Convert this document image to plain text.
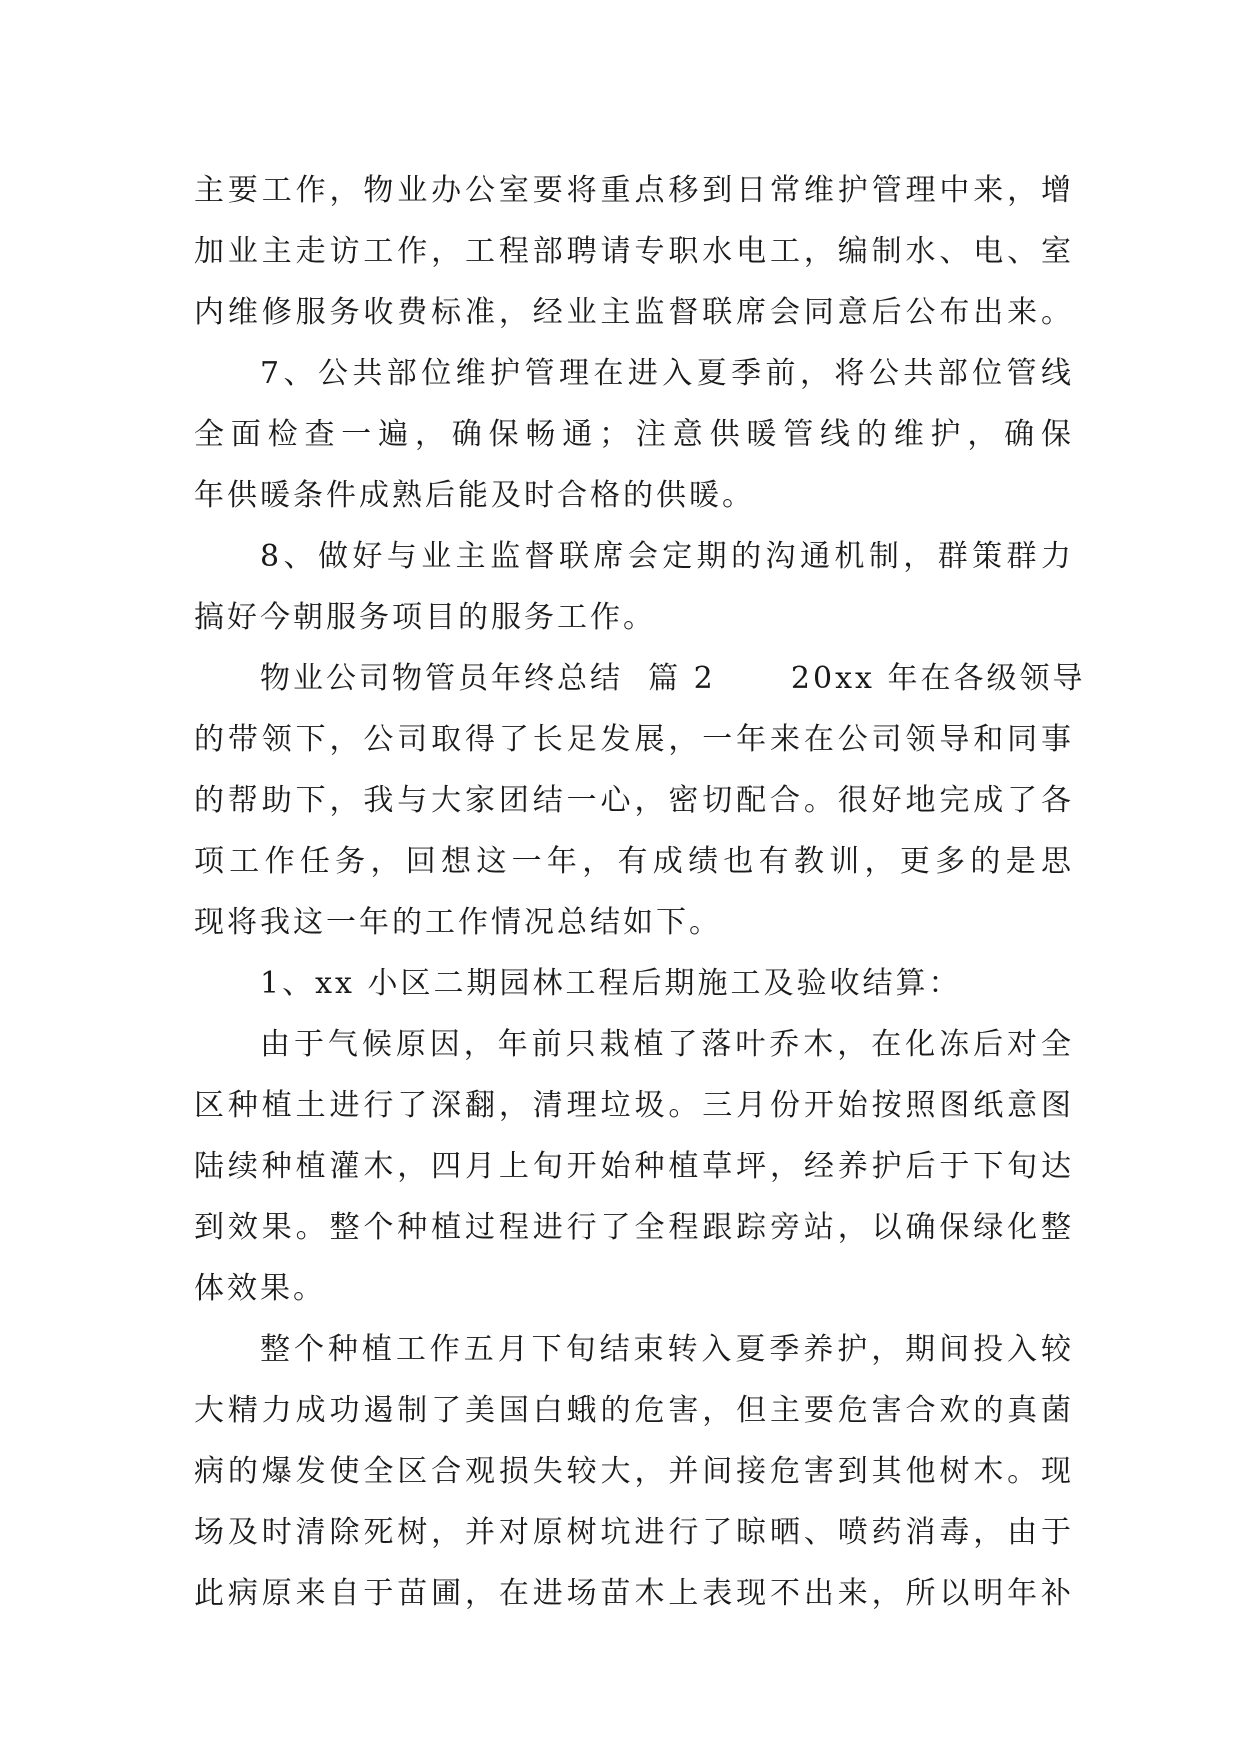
主要工作，物业办公室要将重点移到日常维护管理中来，增
加业主走访工作，工程部聘请专职水电工，编制水、电、室
内维修服务收费标准，经业主监督联席会同意后公布出来。
7、公共部位维护管理在进入夏季前，将公共部位管线
全面检查一遍，确保畅通；注意供暖管线的维护，确保
年供暖条件成熟后能及时合格的供暖。
8、做好与业主监督联席会定期的沟通机制，群策群力
搞好今朝服务项目的服务工作。
物业公司物管员年终总结  篇 2      20xx 年在各级领导
的带领下，公司取得了长足发展，一年来在公司领导和同事
的帮助下，我与大家团结一心，密切配合。很好地完成了各
项工作任务，回想这一年，有成绩也有教训，更多的是思
现将我这一年的工作情况总结如下。
1、xx 小区二期园林工程后期施工及验收结算：
由于气候原因，年前只栽植了落叶乔木，在化冻后对全
区种植土进行了深翻，清理垃圾。三月份开始按照图纸意图
陆续种植灌木，四月上旬开始种植草坪，经养护后于下旬达
到效果。整个种植过程进行了全程跟踪旁站，以确保绿化整
体效果。
整个种植工作五月下旬结束转入夏季养护，期间投入较
大精力成功遏制了美国白蛾的危害，但主要危害合欢的真菌
病的爆发使全区合观损失较大，并间接危害到其他树木。现
场及时清除死树，并对原树坑进行了晾晒、喷药消毒，由于
此病原来自于苗圃，在进场苗木上表现不出来，所以明年补
